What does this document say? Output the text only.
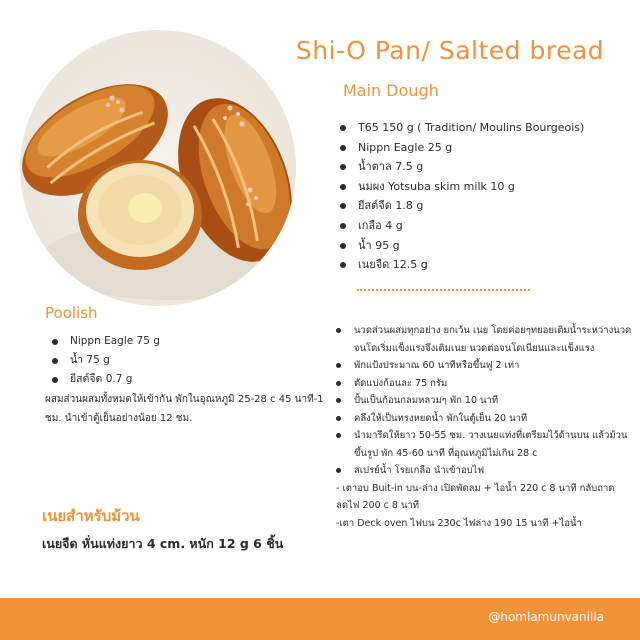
Shi-O Pan/ Salted bread
Main Dough
T65 150 g ( Tradition/ Moulins Bourgeois)
Nippn Eagle 25 g
น้ำตาล 7.5 g
นมผง Yotsuba skim milk 10 g
ยีสต์จืด 1.8 g
เกลือ 4 g
น้ำ 95 g
เนยจืด 12.5 g
Poolish
Nippn Eagle 75 g
น้ำ 75 g
ยีสต์จืด 0.7 g
ผสมส่วนผสมทั้งหมดให้เข้ากัน พักในอุณหภูมิ 25-28 c 45 นาที-1 ชม. นำเข้าตู้เย็นอย่างน้อย 12 ชม.
นวดส่วนผสมทุกอย่าง ยกเว้น เนย โดยค่อยๆทยอยเติมน้ำระหว่างนวด จนโดเริ่มแข็งแรงจึงเติมเนย นวดต่อจนโดเนียนและแข็งแรง
พักแป้งประมาณ 60 นาทีหรือขึ้นฟู 2 เท่า
ตัดแบ่งก้อนละ 75 กรัม
ปั้นเป็นก้อนกลมหลวมๆ พัก 10 นาที
คลึงให้เป็นทรงหยดน้ำ พักในตู้เย็น 20 นาที
นำมารีดให้ยาว 50-55 ซม. วางเนยแท่งที่เตรียมไว้ด้านบน แล้วม้วนขึ้นรูป พัก 45-60 นาที ที่อุณหภูมิไม่เกิน 28 c
สเปรย์น้ำ โรยเกลือ นำเข้าอบไฟ
- เตาอบ Buit-in บน-ล่าง เปิดพัดลม + ไอน้ำ 220 c 8 นาที กลับถาด ลดไฟ 200 c 8 นาที
-เตา Deck oven ไฟบน 230c ไฟล่าง 190 15 นาที +ไอน้ำ
เนยสำหรับม้วน
เนยจืด หั่นแท่งยาว 4 cm. หนัก 12 g 6 ชิ้น
@homlamunvanilla
